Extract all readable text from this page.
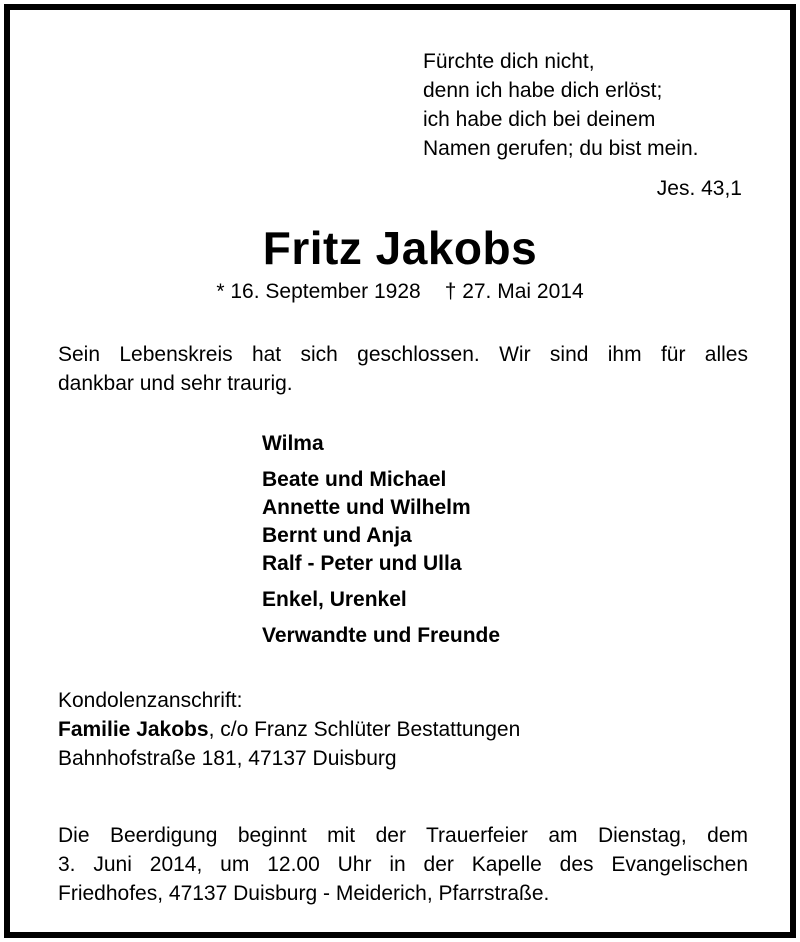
Fürchte dich nicht,
denn ich habe dich erlöst;
ich habe dich bei deinem
Namen gerufen; du bist mein.
Jes. 43,1
Fritz Jakobs
* 16. September 1928 † 27. Mai 2014
Sein Lebenskreis hat sich geschlossen. Wir sind ihm für alles
dankbar und sehr traurig.
Wilma
Beate und Michael
Annette und Wilhelm
Bernt und Anja
Ralf - Peter und Ulla
Enkel, Urenkel
Verwandte und Freunde
Kondolenzanschrift:
Familie Jakobs, c/o Franz Schlüter Bestattungen
Bahnhofstraße 181, 47137 Duisburg
Die Beerdigung beginnt mit der Trauerfeier am Dienstag, dem
3. Juni 2014, um 12.00 Uhr in der Kapelle des Evangelischen
Friedhofes, 47137 Duisburg - Meiderich, Pfarrstraße.
